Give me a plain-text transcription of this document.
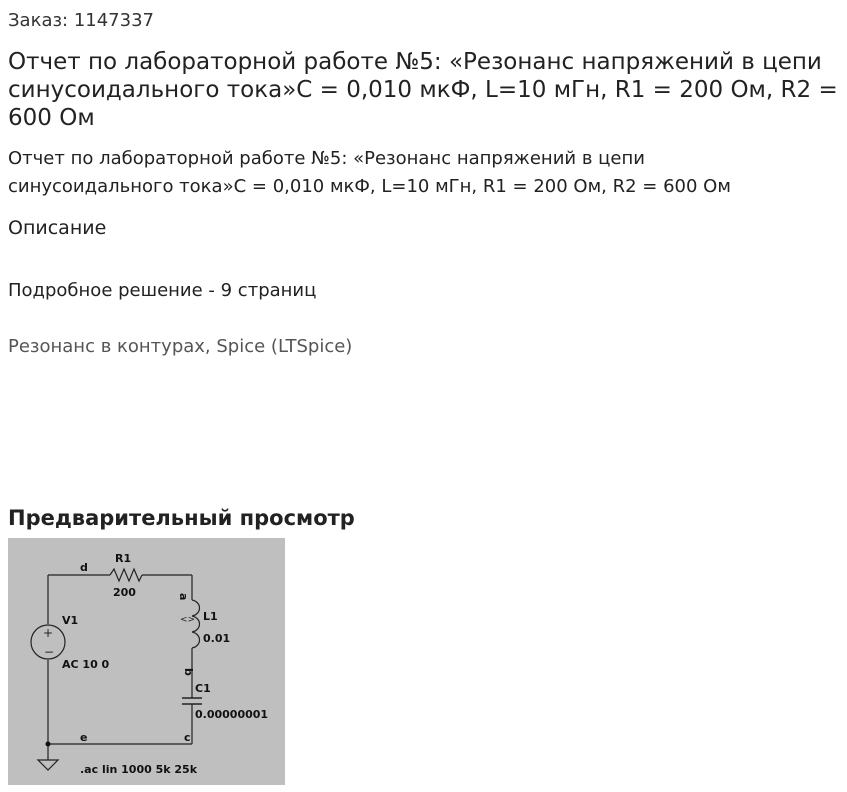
Заказ: 1147337
Отчет по лабораторной работе №5: «Резонанс напряжений в цепи синусоидального тока»C = 0,010 мкФ, L=10 мГн, R1 = 200 Ом, R2 = 600 Ом
Отчет по лабораторной работе №5: «Резонанс напряжений в цепи синусоидального тока»C = 0,010 мкФ, L=10 мГн, R1 = 200 Ом, R2 = 600 Ом
Описание
Подробное решение - 9 страниц
Резонанс в контурах, Spice (LTSpice)
Предварительный просмотр
+
−
<>
d
R1
200	a
L1
0.01
b
C1
0.00000001
c
e
V1
AC 10 0
.ac lin 1000 5k 25k
